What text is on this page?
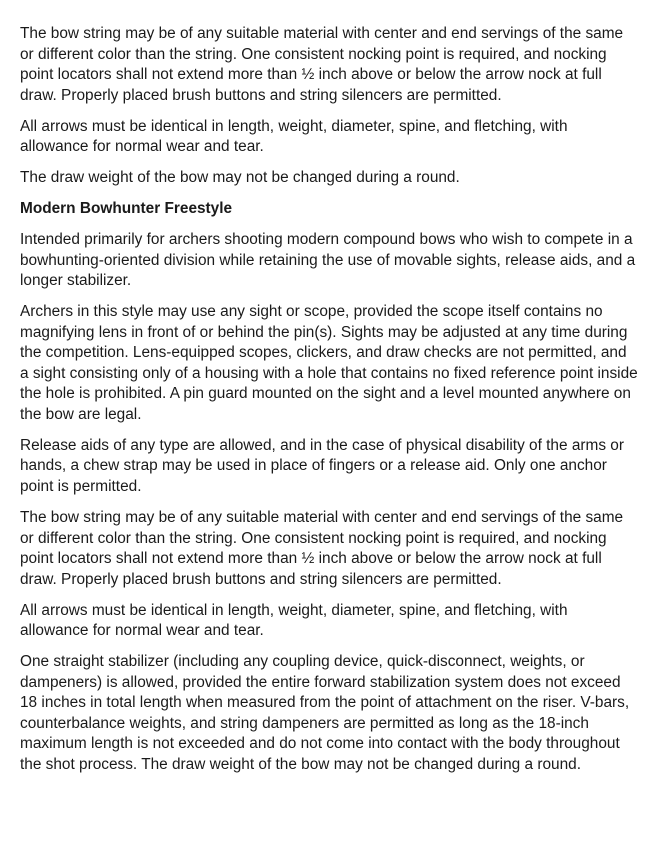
The bow string may be of any suitable material with center and end servings of the same or different color than the string. One consistent nocking point is required, and nocking point locators shall not extend more than ½ inch above or below the arrow nock at full draw. Properly placed brush buttons and string silencers are permitted.

All arrows must be identical in length, weight, diameter, spine, and fletching, with allowance for normal wear and tear.

The draw weight of the bow may not be changed during a round.

Modern Bowhunter Freestyle

Intended primarily for archers shooting modern compound bows who wish to compete in a bowhunting-oriented division while retaining the use of movable sights, release aids, and a longer stabilizer.

Archers in this style may use any sight or scope, provided the scope itself contains no magnifying lens in front of or behind the pin(s). Sights may be adjusted at any time during the competition. Lens-equipped scopes, clickers, and draw checks are not permitted, and a sight consisting only of a housing with a hole that contains no fixed reference point inside the hole is prohibited. A pin guard mounted on the sight and a level mounted anywhere on the bow are legal.

Release aids of any type are allowed, and in the case of physical disability of the arms or hands, a chew strap may be used in place of fingers or a release aid. Only one anchor point is permitted.

The bow string may be of any suitable material with center and end servings of the same or different color than the string. One consistent nocking point is required, and nocking point locators shall not extend more than ½ inch above or below the arrow nock at full draw. Properly placed brush buttons and string silencers are permitted.

All arrows must be identical in length, weight, diameter, spine, and fletching, with allowance for normal wear and tear.

One straight stabilizer (including any coupling device, quick-disconnect, weights, or dampeners) is allowed, provided the entire forward stabilization system does not exceed 18 inches in total length when measured from the point of attachment on the riser. V-bars, counterbalance weights, and string dampeners are permitted as long as the 18-inch maximum length is not exceeded and do not come into contact with the body throughout the shot process. The draw weight of the bow may not be changed during a round.
